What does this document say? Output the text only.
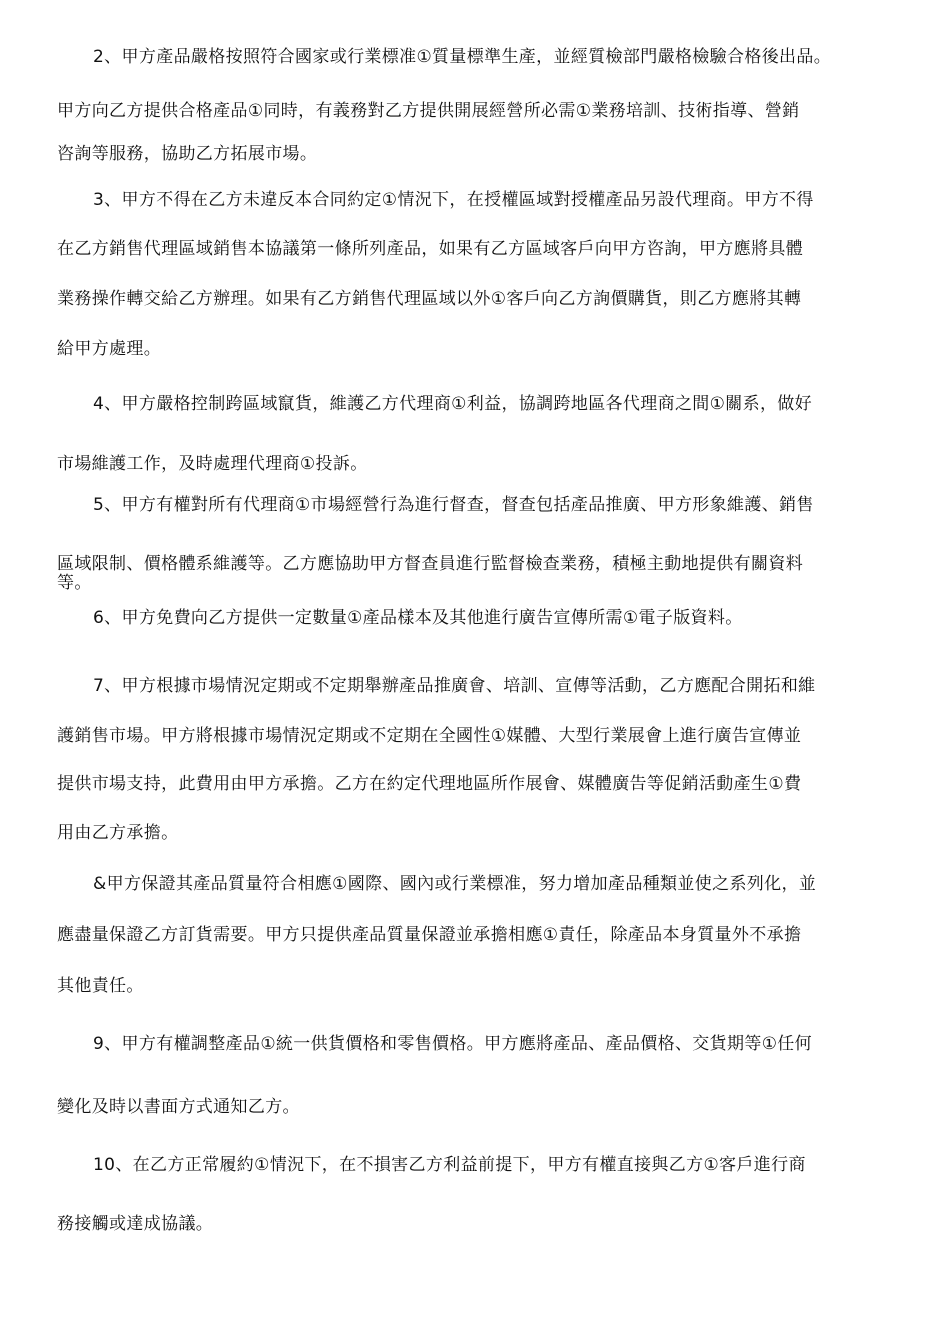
2、甲方產品嚴格按照符合國家或行業標准①質量標準生產，並經質檢部門嚴格檢驗合格後出品。
甲方向乙方提供合格產品①同時，有義務對乙方提供開展經營所必需①業務培訓、技術指導、營銷
咨詢等服務，協助乙方拓展市場。
3、甲方不得在乙方未違反本合同約定①情況下，在授權區域對授權產品另設代理商。甲方不得
在乙方銷售代理區域銷售本協議第一條所列產品，如果有乙方區域客戶向甲方咨詢，甲方應將具體
業務操作轉交給乙方辦理。如果有乙方銷售代理區域以外①客戶向乙方詢價購貨，則乙方應將其轉
給甲方處理。
4、甲方嚴格控制跨區域竄貨，維護乙方代理商①利益，協調跨地區各代理商之間①關系，做好
市場維護工作，及時處理代理商①投訴。
5、甲方有權對所有代理商①市場經營行為進行督查，督查包括產品推廣、甲方形象維護、銷售
區域限制、價格體系維護等。乙方應協助甲方督查員進行監督檢查業務，積極主動地提供有關資料
等。
6、甲方免費向乙方提供一定數量①產品樣本及其他進行廣告宣傳所需①電子版資料。
7、甲方根據市場情況定期或不定期舉辦產品推廣會、培訓、宣傳等活動，乙方應配合開拓和維
護銷售市場。甲方將根據市場情況定期或不定期在全國性①媒體、大型行業展會上進行廣告宣傳並
提供市場支持，此費用由甲方承擔。乙方在約定代理地區所作展會、媒體廣告等促銷活動產生①費
用由乙方承擔。
&甲方保證其產品質量符合相應①國際、國內或行業標准，努力增加產品種類並使之系列化，並
應盡量保證乙方訂貨需要。甲方只提供產品質量保證並承擔相應①責任，除產品本身質量外不承擔
其他責任。
9、甲方有權調整產品①統一供貨價格和零售價格。甲方應將產品、產品價格、交貨期等①任何
變化及時以書面方式通知乙方。
10、在乙方正常履約①情況下，在不損害乙方利益前提下，甲方有權直接與乙方①客戶進行商
務接觸或達成協議。
